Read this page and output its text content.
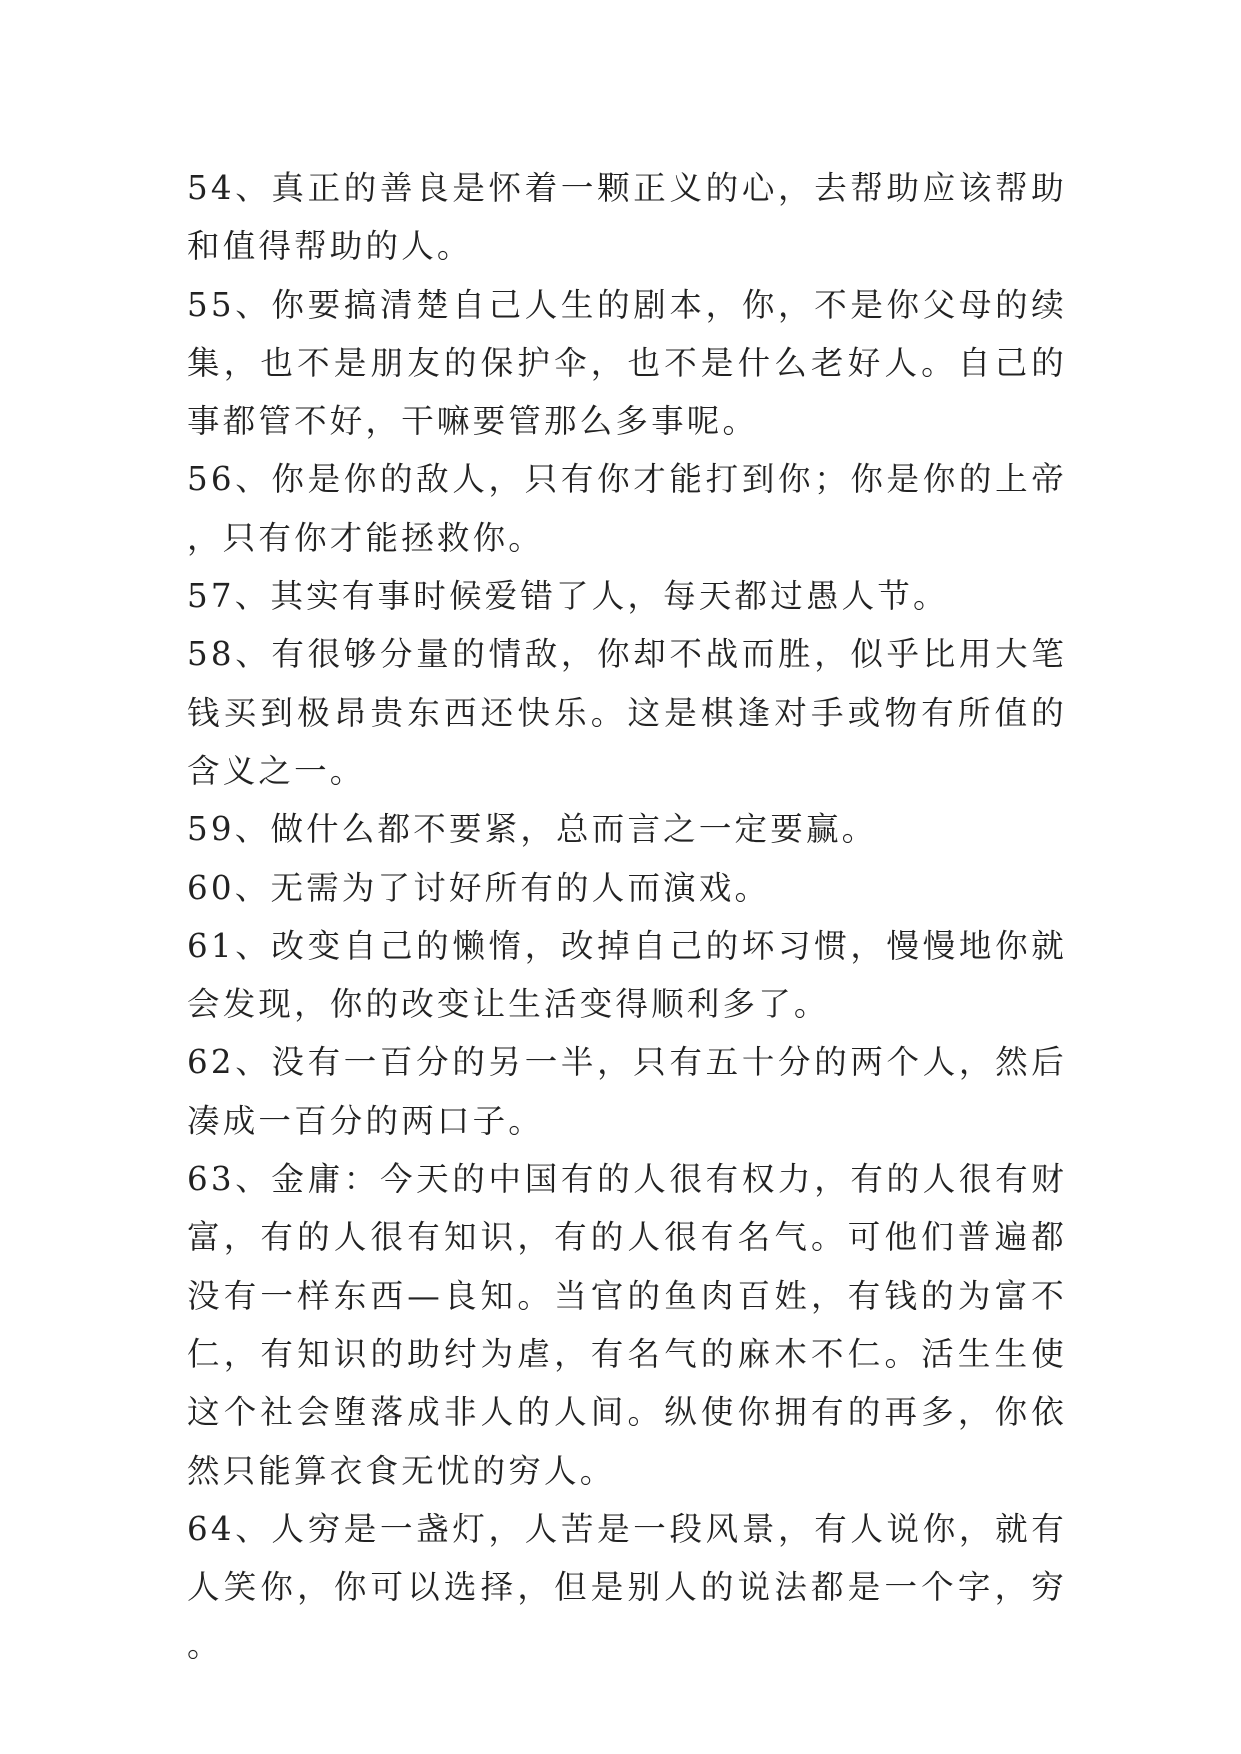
54、真正的善良是怀着一颗正义的心，去帮助应该帮助和值得帮助的人。

55、你要搞清楚自己人生的剧本，你，不是你父母的续集，也不是朋友的保护伞，也不是什么老好人。自己的事都管不好，干嘛要管那么多事呢。

56、你是你的敌人，只有你才能打到你；你是你的上帝，只有你才能拯救你。

57、其实有事时候爱错了人，每天都过愚人节。

58、有很够分量的情敌，你却不战而胜，似乎比用大笔钱买到极昂贵东西还快乐。这是棋逢对手或物有所值的含义之一。

59、做什么都不要紧，总而言之一定要赢。

60、无需为了讨好所有的人而演戏。

61、改变自己的懒惰，改掉自己的坏习惯，慢慢地你就会发现，你的改变让生活变得顺利多了。

62、没有一百分的另一半，只有五十分的两个人，然后凑成一百分的两口子。

63、金庸：今天的中国有的人很有权力，有的人很有财富，有的人很有知识，有的人很有名气。可他们普遍都没有一样东西—良知。当官的鱼肉百姓，有钱的为富不仁，有知识的助纣为虐，有名气的麻木不仁。活生生使这个社会堕落成非人的人间。纵使你拥有的再多，你依然只能算衣食无忧的穷人。

64、人穷是一盏灯，人苦是一段风景，有人说你，就有人笑你，你可以选择，但是别人的说法都是一个字，穷。
